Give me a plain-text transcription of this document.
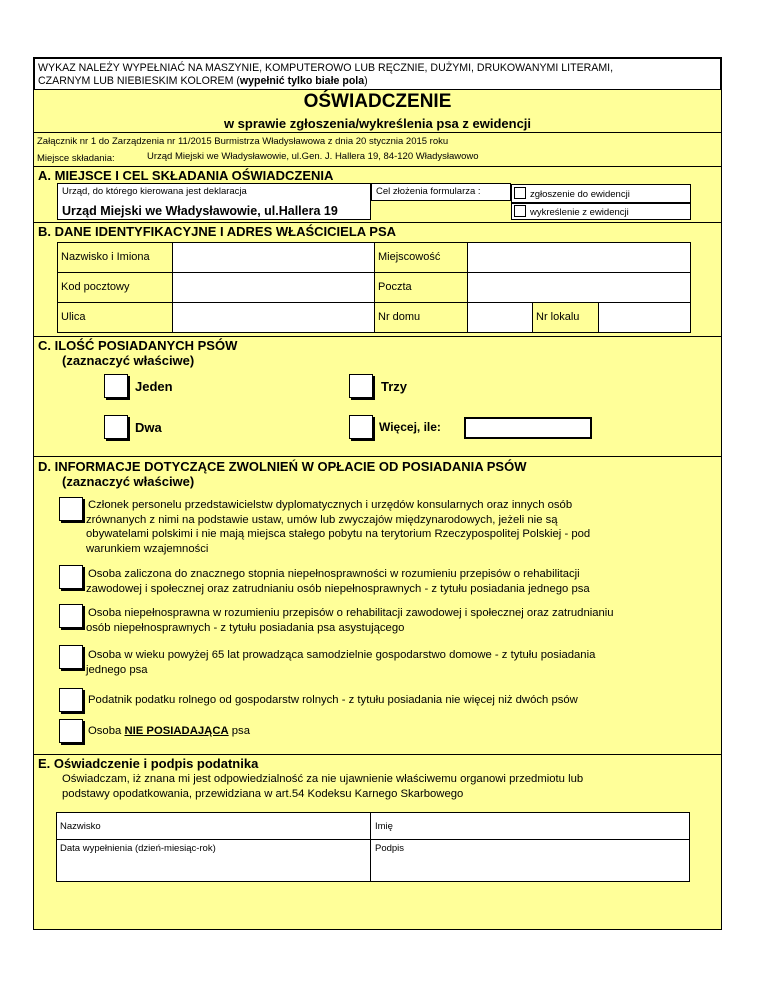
WYKAZ NALEŻY WYPEŁNIAĆ NA MASZYNIE, KOMPUTEROWO LUB RĘCZNIE, DUŻYMI, DRUKOWANYMI LITERAMI,
CZARNYM LUB NIEBIESKIM KOLOREM (wypełnić tylko białe pola)
OŚWIADCZENIE
w sprawie zgłoszenia/wykreślenia psa z ewidencji
Załącznik nr 1 do Zarządzenia nr 11/2015 Burmistrza Władysławowa z dnia 20 stycznia 2015 roku
Miejsce składania:	Urząd Miejski we Władysławowie, ul.Gen. J. Hallera 19, 84-120 Władysławowo
A. MIEJSCE I CEL SKŁADANIA OŚWIADCZENIA
Urząd, do którego kierowana jest deklaracja
Urząd Miejski we Władysławowie, ul.Hallera 19
Cel złożenia formularza :	zgłoszenie do ewidencji
wykreślenie z ewidencji
B. DANE IDENTYFIKACYJNE I ADRES WŁAŚCICIELA PSA
Nazwisko i Imiona	Miejscowość
Kod pocztowy	Poczta
Ulica	Nr domu	Nr lokalu
C. ILOŚĆ POSIADANYCH PSÓW
(zaznaczyć właściwe)
Jeden	Trzy
Dwa	Więcej, ile:
D. INFORMACJE DOTYCZĄCE ZWOLNIEŃ W OPŁACIE OD POSIADANIA PSÓW
(zaznaczyć właściwe)
Członek personelu przedstawicielstw dyplomatycznych i urzędów konsularnych oraz innych osób
zrównanych z nimi na podstawie ustaw, umów lub zwyczajów międzynarodowych, jeżeli nie są
obywatelami polskimi i nie mają miejsca stałego pobytu na terytorium Rzeczypospolitej Polskiej - pod
warunkiem wzajemności
Osoba zaliczona do znacznego stopnia niepełnosprawności w rozumieniu przepisów o rehabilitacji
zawodowej i społecznej oraz zatrudnianiu osób niepełnosprawnych - z tytułu posiadania jednego psa
Osoba niepełnosprawna w rozumieniu przepisów o rehabilitacji zawodowej i społecznej oraz zatrudnianiu
osób niepełnosprawnych - z tytułu posiadania psa asystującego
Osoba w wieku powyżej 65 lat prowadząca samodzielnie gospodarstwo domowe - z tytułu posiadania
jednego psa
Podatnik podatku rolnego od gospodarstw rolnych - z tytułu posiadania nie więcej niż dwóch psów
Osoba NIE POSIADAJĄCA psa
E. Oświadczenie i podpis podatnika
Oświadczam, iż znana mi jest odpowiedzialność za nie ujawnienie właściwemu organowi przedmiotu lub
podstawy opodatkowania, przewidziana w art.54 Kodeksu Karnego Skarbowego
Nazwisko	Imię
Data wypełnienia (dzień-miesiąc-rok)	Podpis
